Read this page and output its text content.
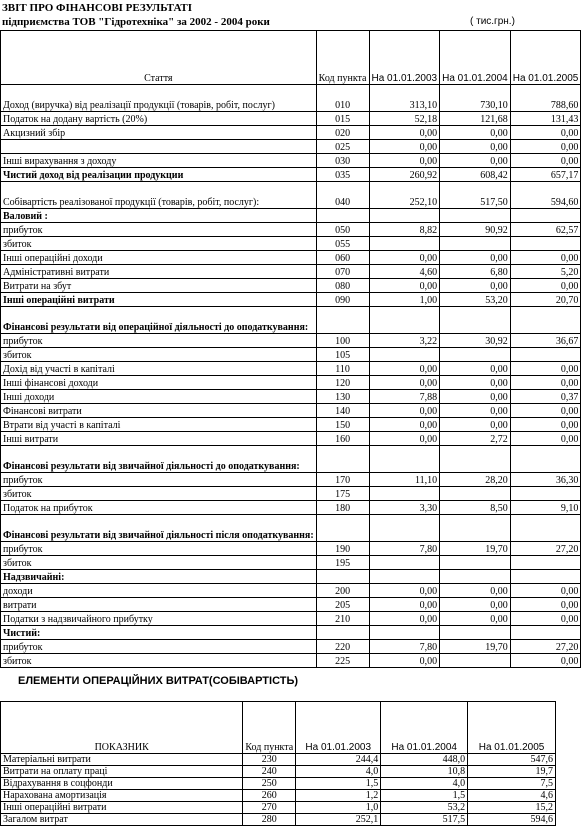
ЗВІТ ПРО ФІНАНСОВІ РЕЗУЛЬТАТІ
підприємства ТОВ "Гідротехніка" за 2002 - 2004 роки	( тис.грн.)
Стаття	Код пункта	На 01.01.2003	На 01.01.2004	На 01.01.2005
Доход (виручка) від реалізації продукції (товарів, робіт, послуг)	010	313,10	730,10	788,60
Податок на додану вартість (20%)	015	52,18	121,68	131,43
Акцизний збір	020	0,00	0,00	0,00
	025	0,00	0,00	0,00
Інші вирахування з доходу	030	0,00	0,00	0,00
Чистий доход від реалізации продукции	035	260,92	608,42	657,17
Собівартість реалізованої продукції (товарів, робіт, послуг):	040	252,10	517,50	594,60
Валовий :				
прибуток	050	8,82	90,92	62,57
збиток	055			
Інші операційні доходи	060	0,00	0,00	0,00
Адміністративні витрати	070	4,60	6,80	5,20
Витрати на збут	080	0,00	0,00	0,00
Інші операційні витрати	090	1,00	53,20	20,70
Фінансові результати від операційної діяльності до оподаткування:				
прибуток	100	3,22	30,92	36,67
збиток	105			
Дохід від участі в капіталі	110	0,00	0,00	0,00
Інші фінансові доходи	120	0,00	0,00	0,00
Інші доходи	130	7,88	0,00	0,37
Фінансові витрати	140	0,00	0,00	0,00
Втрати від участі в капіталі	150	0,00	0,00	0,00
Інші витрати	160	0,00	2,72	0,00
Фінансові результати від звичайної діяльності до оподаткування:				
прибуток	170	11,10	28,20	36,30
збиток	175			
Податок на прибуток	180	3,30	8,50	9,10
Фінансові результати від звичайної діяльності після оподаткування:				
прибуток	190	7,80	19,70	27,20
збиток	195			
Надзвичайні:				
доходи	200	0,00	0,00	0,00
витрати	205	0,00	0,00	0,00
Податки з надзвичайного прибутку	210	0,00	0,00	0,00
Чистий:				
прибуток	220	7,80	19,70	27,20
збиток	225	0,00		0,00
ЕЛЕМЕНТИ ОПЕРАЦІЙНИХ ВИТРАТ(СОБІВАРТІСТЬ)
ПОКАЗНИК	Код пункта	На 01.01.2003	На 01.01.2004	На 01.01.2005
Матеріальні витрати	230	244,4	448,0	547,6
Витрати на оплату праці	240	4,0	10,8	19,7
Відрахування в соцфонди	250	1,5	4,0	7,5
Нарахована амортизація	260	1,2	1,5	4,6
Інші операційні витрати	270	1,0	53,2	15,2
Загалом витрат	280	252,1	517,5	594,6
